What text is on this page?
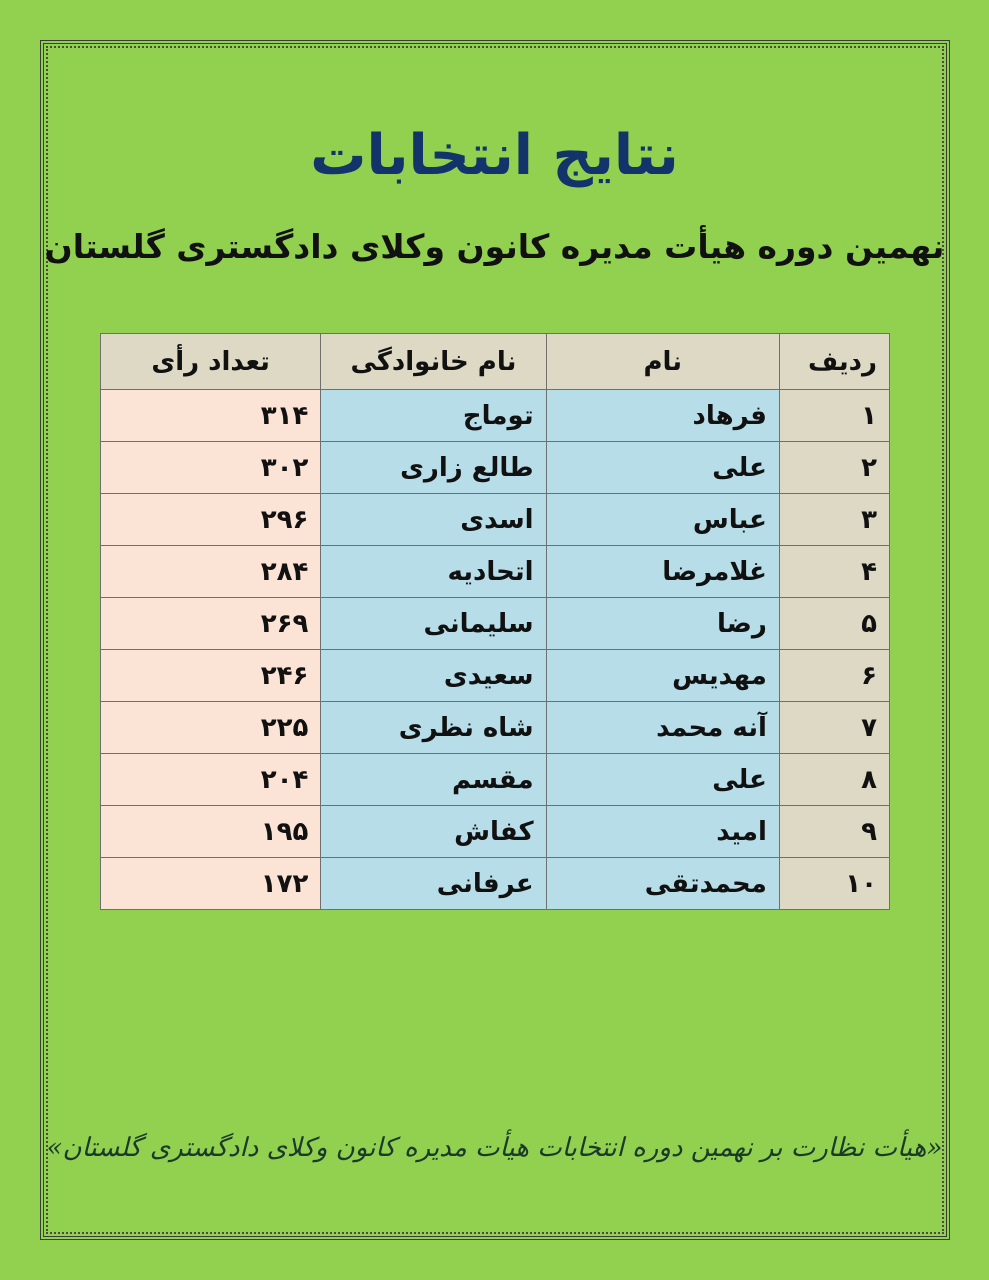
نتایج انتخابات
نهمین دوره هیأت مدیره کانون وکلای دادگستری گلستان
ردیف	نام	نام خانوادگی	تعداد رأی
۱	فرهاد	توماج	۳۱۴
۲	علی	طالع زاری	۳۰۲
۳	عباس	اسدی	۲۹۶
۴	غلامرضا	اتحادیه	۲۸۴
۵	رضا	سلیمانی	۲۶۹
۶	مهدیس	سعیدی	۲۴۶
۷	آنه محمد	شاه نظری	۲۲۵
۸	علی	مقسم	۲۰۴
۹	امید	کفاش	۱۹۵
۱۰	محمدتقی	عرفانی	۱۷۲
«هیأت نظارت بر نهمین دوره انتخابات هیأت مدیره کانون وکلای دادگستری گلستان»
